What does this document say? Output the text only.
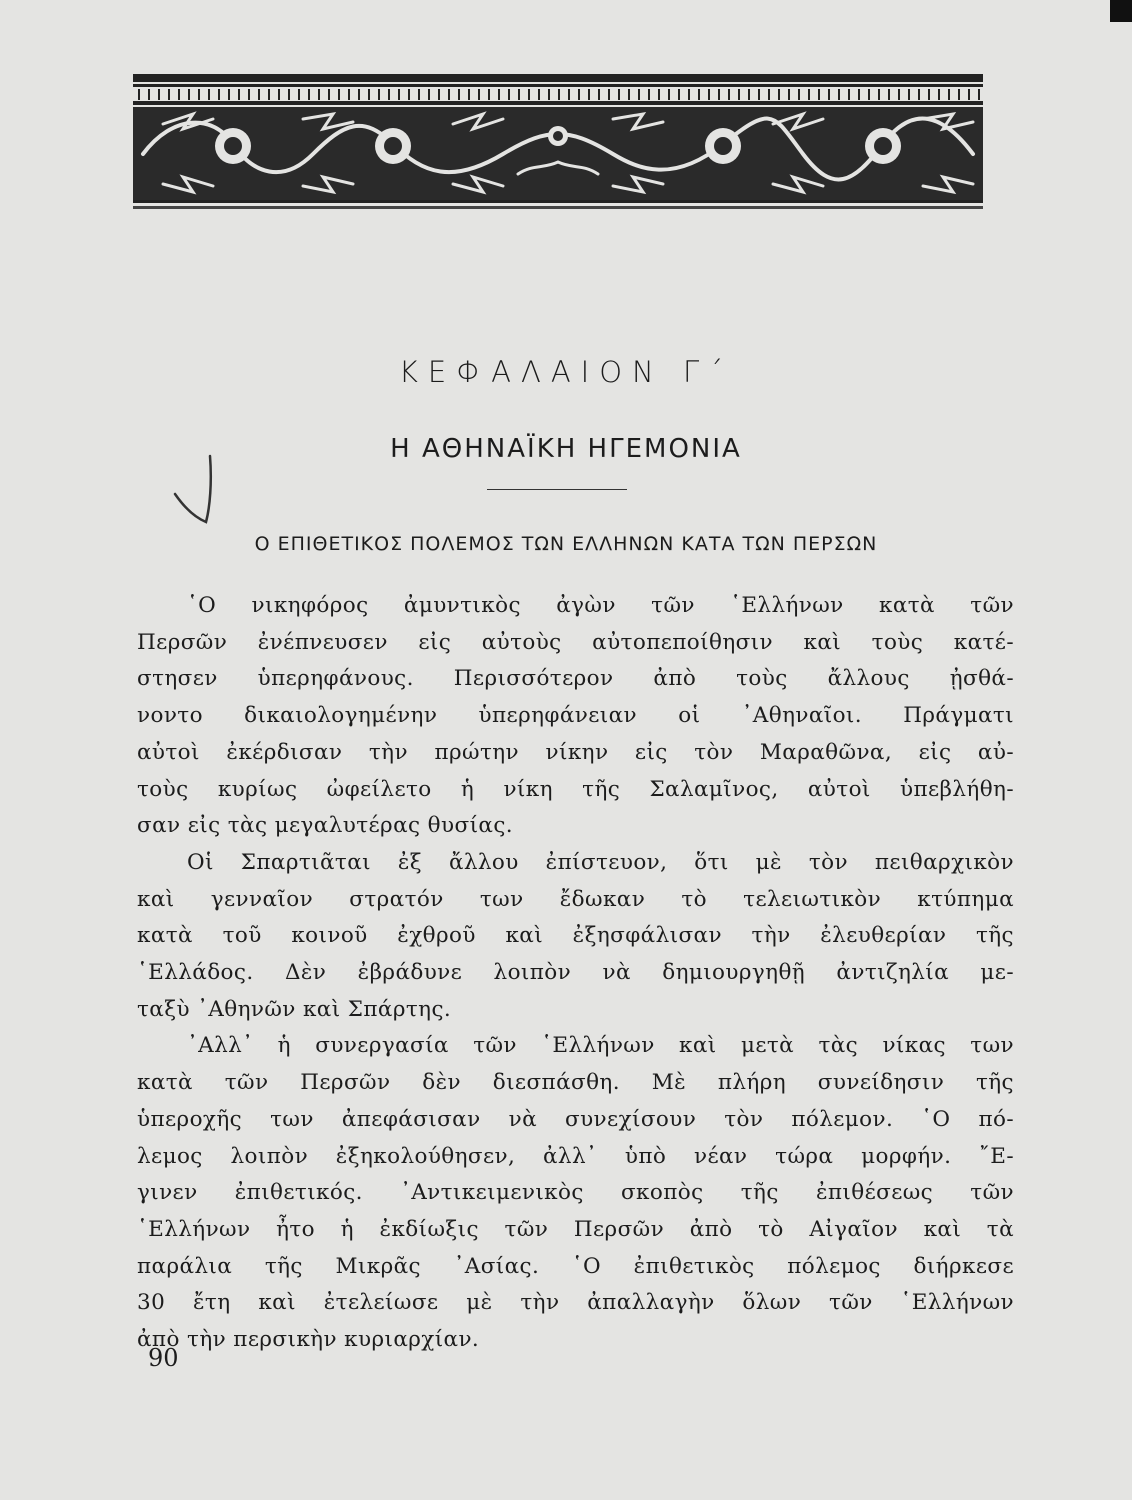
ΚΕΦΑΛΑΙΟΝ Γ΄
Η ΑΘΗΝΑΪΚΗ ΗΓΕΜΟΝΙΑ
Ο ΕΠΙΘΕΤΙΚΟΣ ΠΟΛΕΜΟΣ ΤΩΝ ΕΛΛΗΝΩΝ ΚΑΤΑ ΤΩΝ ΠΕΡΣΩΝ
῾Ο νικηφόρος ἀμυντικὸς ἀγὼν τῶν ῾Ελλήνων κατὰ τῶν
Περσῶν ἐνέπνευσεν εἰς αὐτοὺς αὐτοπεποίθησιν καὶ τοὺς κατέ-
στησεν ὑπερηφάνους. Περισσότερον ἀπὸ τοὺς ἄλλους ᾐσθά-
νοντο δικαιολογημένην ὑπερηφάνειαν οἱ ᾿Αθηναῖοι. Πράγματι
αὐτοὶ ἐκέρδισαν τὴν πρώτην νίκην εἰς τὸν Μαραθῶνα, εἰς αὐ-
τοὺς κυρίως ὠφείλετο ἡ νίκη τῆς Σαλαμῖνος, αὐτοὶ ὑπεβλήθη-
σαν εἰς τὰς μεγαλυτέρας θυσίας.
Οἱ Σπαρτιᾶται ἐξ ἄλλου ἐπίστευον, ὅτι μὲ τὸν πειθαρχικὸν
καὶ γενναῖον στρατόν των ἔδωκαν τὸ τελειωτικὸν κτύπημα
κατὰ τοῦ κοινοῦ ἐχθροῦ καὶ ἐξησφάλισαν τὴν ἐλευθερίαν τῆς
῾Ελλάδος. Δὲν ἐβράδυνε λοιπὸν νὰ δημιουργηθῇ ἀντιζηλία με-
ταξὺ ᾿Αθηνῶν καὶ Σπάρτης.
᾿Αλλ᾿ ἡ συνεργασία τῶν ῾Ελλήνων καὶ μετὰ τὰς νίκας των
κατὰ τῶν Περσῶν δὲν διεσπάσθη. Μὲ πλήρη συνείδησιν τῆς
ὑπεροχῆς των ἀπεφάσισαν νὰ συνεχίσουν τὸν πόλεμον. ῾Ο πό-
λεμος λοιπὸν ἐξηκολούθησεν, ἀλλ᾿ ὑπὸ νέαν τώρα μορφήν. ῎Ε-
γινεν ἐπιθετικός. ᾿Αντικειμενικὸς σκοπὸς τῆς ἐπιθέσεως τῶν
῾Ελλήνων ἦτο ἡ ἐκδίωξις τῶν Περσῶν ἀπὸ τὸ Αἰγαῖον καὶ τὰ
παράλια τῆς Μικρᾶς ᾿Ασίας. ῾Ο ἐπιθετικὸς πόλεμος διήρκεσε
30 ἔτη καὶ ἐτελείωσε μὲ τὴν ἀπαλλαγὴν ὅλων τῶν ῾Ελλήνων
ἀπὸ τὴν περσικὴν κυριαρχίαν.
90
